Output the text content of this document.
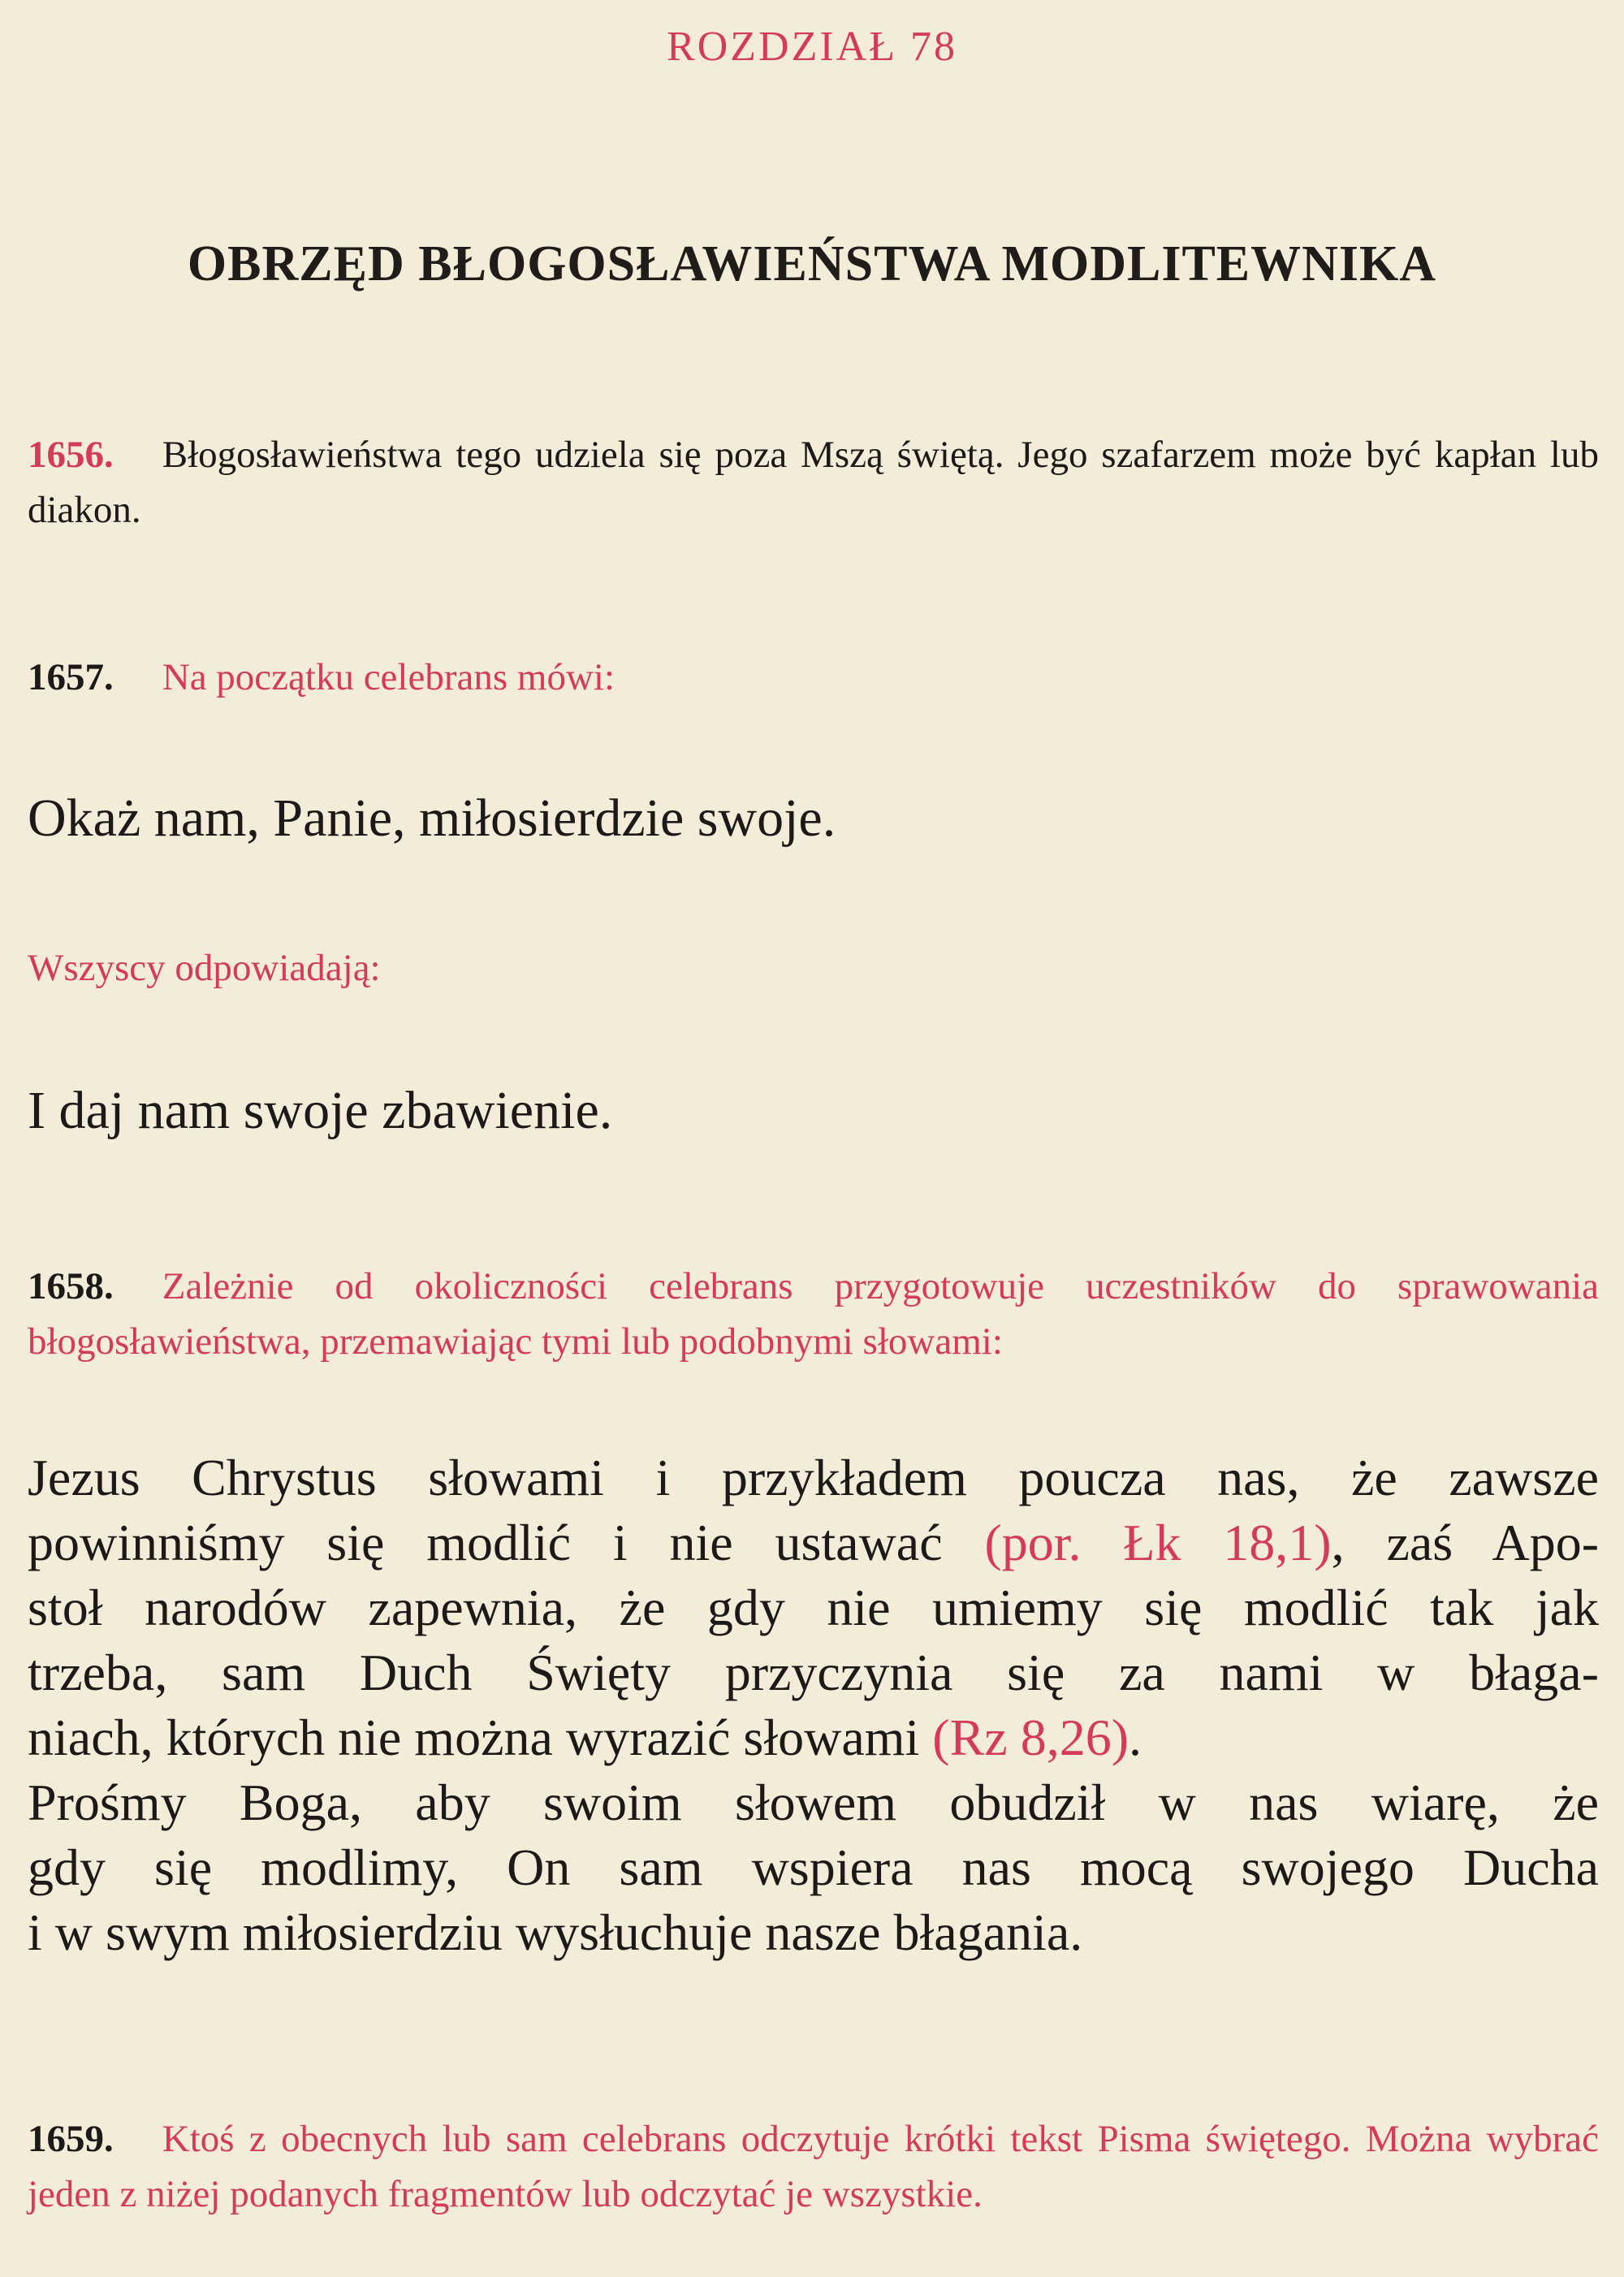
ROZDZIAŁ 78
OBRZĘD BŁOGOSŁAWIEŃSTWA MODLITEWNIKA
1656. Błogosławieństwa tego udziela się poza Mszą świętą. Jego szafarzem może być kapłan lub diakon.
1657. Na początku celebrans mówi:
Okaż nam, Panie, miłosierdzie swoje.
Wszyscy odpowiadają:
I daj nam swoje zbawienie.
1658. Zależnie od okoliczności celebrans przygotowuje uczestników do sprawowania błogosławieństwa, przemawiając tymi lub podobnymi słowami:
Jezus Chrystus słowami i przykładem poucza nas, że zawsze
powinniśmy się modlić i nie ustawać (por. Łk 18,1), zaś Apo-
stoł narodów zapewnia, że gdy nie umiemy się modlić tak jak
trzeba, sam Duch Święty przyczynia się za nami w błaga-
niach, których nie można wyrazić słowami (Rz 8,26).
Prośmy Boga, aby swoim słowem obudził w nas wiarę, że
gdy się modlimy, On sam wspiera nas mocą swojego Ducha
i w swym miłosierdziu wysłuchuje nasze błagania.
1659. Ktoś z obecnych lub sam celebrans odczytuje krótki tekst Pisma świętego. Można wybrać jeden z niżej podanych fragmentów lub odczytać je wszystkie.
